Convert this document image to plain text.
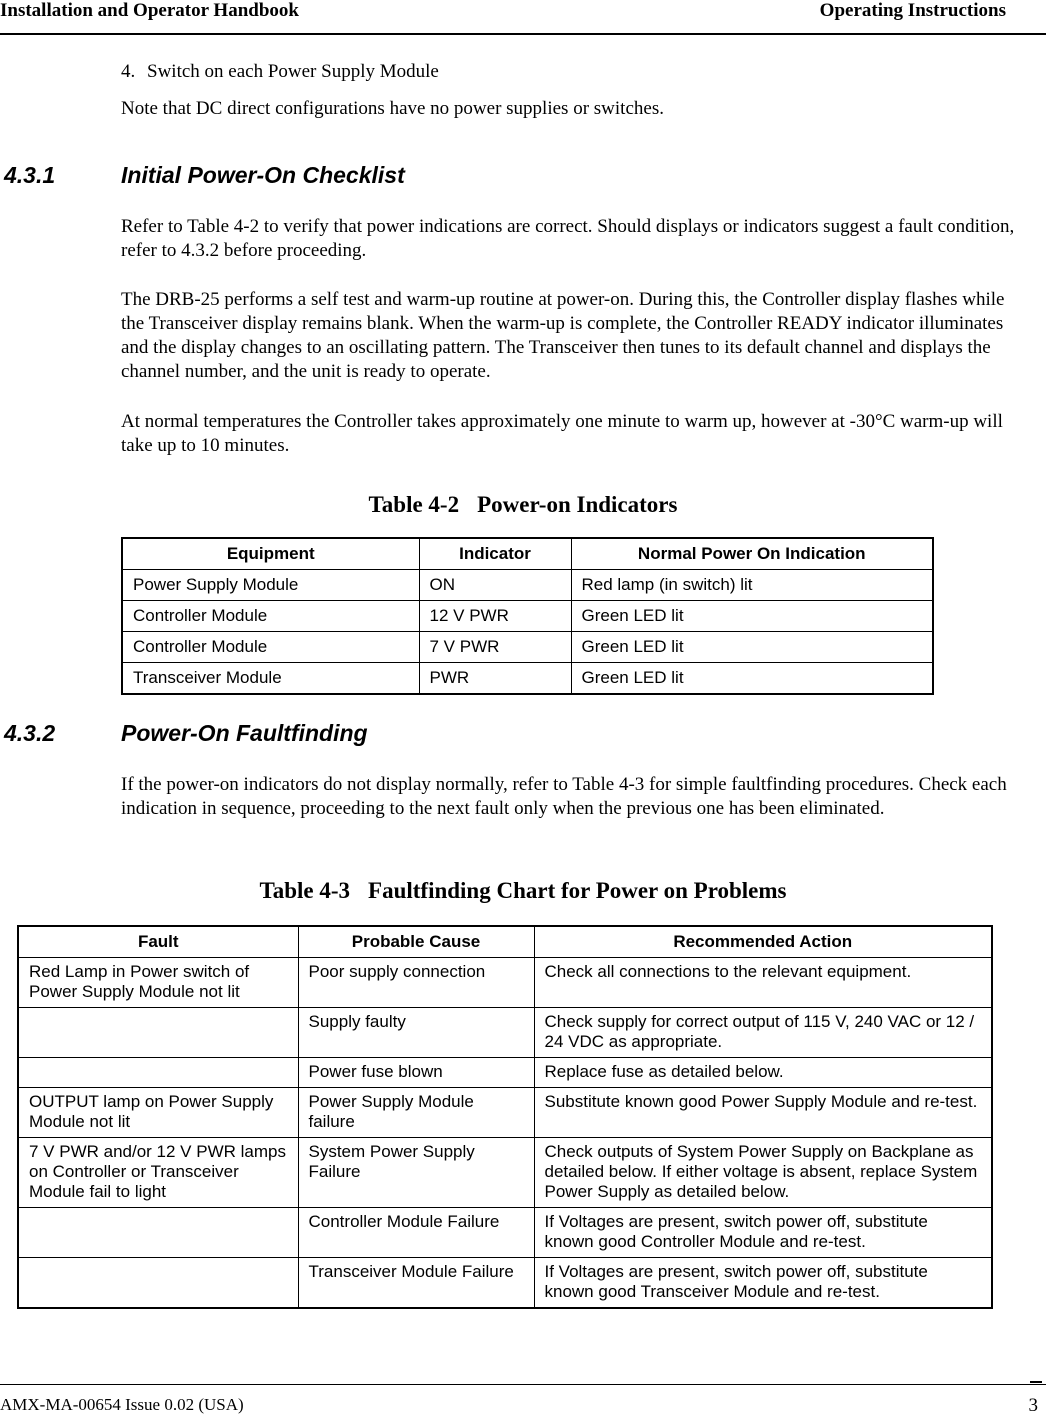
Installation and Operator Handbook	Operating Instructions
4. Switch on each Power Supply Module

Note that DC direct configurations have no power supplies or switches.

4.3.1	Initial Power-On Checklist

Refer to Table 4-2 to verify that power indications are correct. Should displays or indicators suggest a fault condition, refer to 4.3.2 before proceeding.

The DRB-25 performs a self test and warm-up routine at power-on. During this, the Controller display flashes while the Transceiver display remains blank. When the warm-up is complete, the Controller READY indicator illuminates and the display changes to an oscillating pattern. The Transceiver then tunes to its default channel and displays the channel number, and the unit is ready to operate.

At normal temperatures the Controller takes approximately one minute to warm up, however at -30°C warm-up will take up to 10 minutes.

Table 4-2 Power-on Indicators
Equipment	Indicator	Normal Power On Indication
Power Supply Module	ON	Red lamp (in switch) lit
Controller Module	12 V PWR	Green LED lit
Controller Module	7 V PWR	Green LED lit
Transceiver Module	PWR	Green LED lit
4.3.2	Power-On Faultfinding

If the power-on indicators do not display normally, refer to Table 4-3 for simple faultfinding procedures. Check each indication in sequence, proceeding to the next fault only when the previous one has been eliminated.

Table 4-3 Faultfinding Chart for Power on Problems
Fault	Probable Cause	Recommended Action
Red Lamp in Power switch of Power Supply Module not lit	Poor supply connection	Check all connections to the relevant equipment.
	Supply faulty	Check supply for correct output of 115 V, 240 VAC or 12 / 24 VDC as appropriate.
	Power fuse blown	Replace fuse as detailed below.
OUTPUT lamp on Power Supply Module not lit	Power Supply Module failure	Substitute known good Power Supply Module and re-test.
7 V PWR and/or 12 V PWR lamps on Controller or Transceiver Module fail to light	System Power Supply Failure	Check outputs of System Power Supply on Backplane as detailed below. If either voltage is absent, replace System Power Supply as detailed below.
	Controller Module Failure	If Voltages are present, switch power off, substitute known good Controller Module and re-test.
	Transceiver Module Failure	If Voltages are present, switch power off, substitute known good Transceiver Module and re-test.
AMX-MA-00654 Issue 0.02 (USA)	3
